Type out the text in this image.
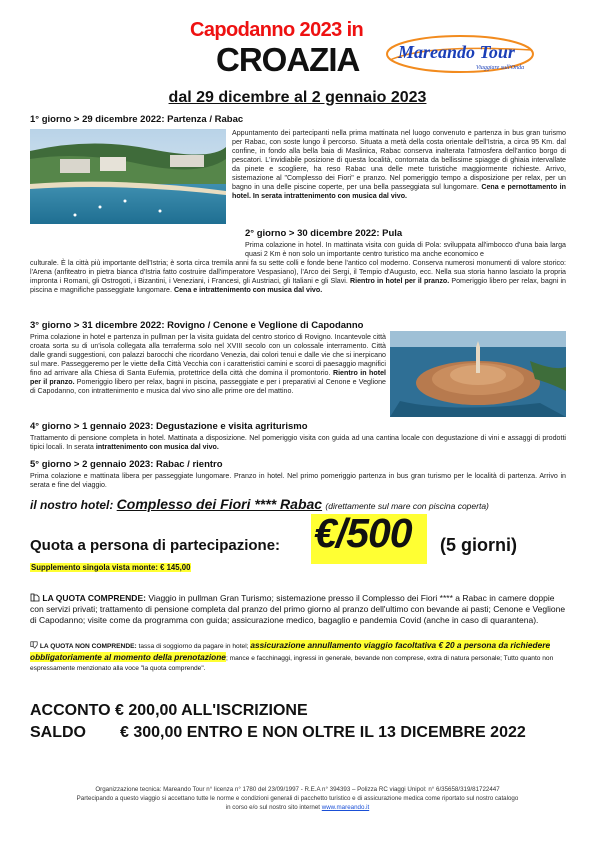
Capodanno 2023 in
CROAZIA Mareando Tour
Viaggiare sull'Onda
dal 29 dicembre al 2 gennaio 2023
1° giorno > 29 dicembre 2022: Partenza / Rabac
Appuntamento dei partecipanti nella prima mattinata nel luogo convenuto e partenza in bus gran turismo per Rabac, con soste lungo il percorso. Situata a metà della costa orientale dell'Istria, a circa 95 Km. dal confine, in fondo alla bella baia di Maslinica, Rabac conserva inalterata l'atmosfera dell'antico borgo di pescatori. L'invidiabile posizione di questa località, contornata da bellissime spiagge di ghiaia intervallate da pinete e scogliere, ha reso Rabac una delle mete turistiche maggiormente richieste. Arrivo, sistemazione al "Complesso dei Fiori" e pranzo. Nel pomeriggio tempo a disposizione per relax, per un bagno in una delle piscine coperte, per una bella passeggiata sul lungomare. Cena e pernottamento in hotel. In serata intrattenimento con musica dal vivo.
2° giorno > 30 dicembre 2022: Pula
Prima colazione in hotel. In mattinata visita con guida di Pola: sviluppata all'imbocco d'una baia larga quasi 2 Km è non solo un importante centro turistico ma anche economico e
culturale. È la città più importante dell'Istria; è sorta circa tremila anni fa su sette colli e fonde bene l'antico col moderno. Conserva numerosi monumenti di valore storico: l'Arena (anfiteatro in pietra bianca d'Istria fatto costruire dall'imperatore Vespasiano), l'Arco dei Sergi, il Tempio d'Augusto, ecc. Nella sua storia hanno lasciato la propria impronta i Romani, gli Ostrogoti, i Bizantini, i Veneziani, i Francesi, gli Austriaci, gli Italiani e gli Slavi. Rientro in hotel per il pranzo. Pomeriggio libero per relax, bagni in piscina e magnifiche passeggiate lungomare. Cena e intrattenimento con musica dal vivo.
3° giorno > 31 dicembre 2022: Rovigno / Cenone e Veglione di Capodanno
Prima colazione in hotel e partenza in pullman per la visita guidata del centro storico di Rovigno. Incantevole città croata sorta su di un'isola collegata alla terraferma solo nel XVIII secolo con un colossale interramento. Città dalle grandi suggestioni, con palazzi barocchi che ricordano Venezia, dai colori tenui e dalle vie che si inerpicano sul mare. Passeggeremo per le viette della Città Vecchia con i caratteristici camini e scorci di paesaggio magnifici fino ad arrivare alla Chiesa di Santa Eufemia, protettrice della città che domina il promontorio. Rientro in hotel per il pranzo. Pomeriggio libero per relax, bagni in piscina, passeggiate e per i preparativi al Cenone e Veglione di Capodanno, con intrattenimento e musica dal vivo sino alle prime ore del mattino.
4° giorno > 1 gennaio 2023: Degustazione e visita agriturismo
Trattamento di pensione completa in hotel. Mattinata a disposizione. Nel pomeriggio visita con guida ad una cantina locale con degustazione di vini e assaggi di prodotti tipici locali. In serata intrattenimento con musica dal vivo.
5° giorno > 2 gennaio 2023: Rabac / rientro
Prima colazione e mattinata libera per passeggiate lungomare. Pranzo in hotel. Nel primo pomeriggio partenza in bus gran turismo per le località di partenza. Arrivo in serata e fine del viaggio.
il nostro hotel: Complesso dei Fiori **** Rabac (direttamente sul mare con piscina coperta)
Quota a persona di partecipazione: €/500 (5 giorni)
Supplemento singola vista monte: € 145,00
LA QUOTA COMPRENDE: Viaggio in pullman Gran Turismo; sistemazione presso il Complesso dei Fiori **** a Rabac in camere doppie con servizi privati; trattamento di pensione completa dal pranzo del primo giorno al pranzo dell'ultimo con bevande ai pasti; Cenone e Veglione di Capodanno; visite come da programma con guida; assicurazione medico, bagaglio e pandemia Covid (anche in caso di quarantena).
LA QUOTA NON COMPRENDE: tassa di soggiorno da pagare in hotel; assicurazione annullamento viaggio facoltativa € 20 a persona da richiedere obbligatoriamente al momento della prenotazione; mance e facchinaggi, ingressi in generale, bevande non comprese, extra di natura personale; Tutto quanto non espressamente menzionato alla voce "la quota comprende".
ACCONTO € 200,00 ALL'ISCRIZIONE
SALDO € 300,00 ENTRO E NON OLTRE IL 13 DICEMBRE 2022
Organizzazione tecnica: Mareando Tour n° licenza n° 1780 del 23/09/1997 - R.E.A n° 394393 – Polizza RC viaggi Unipol: n° 6/35658/319/81722447
Partecipando a questo viaggio si accettano tutte le norme e condizioni generali di pacchetto turistico e di assicurazione medica come riportato sul nostro catalogo
in corso e/o sul nostro sito internet www.mareando.it
